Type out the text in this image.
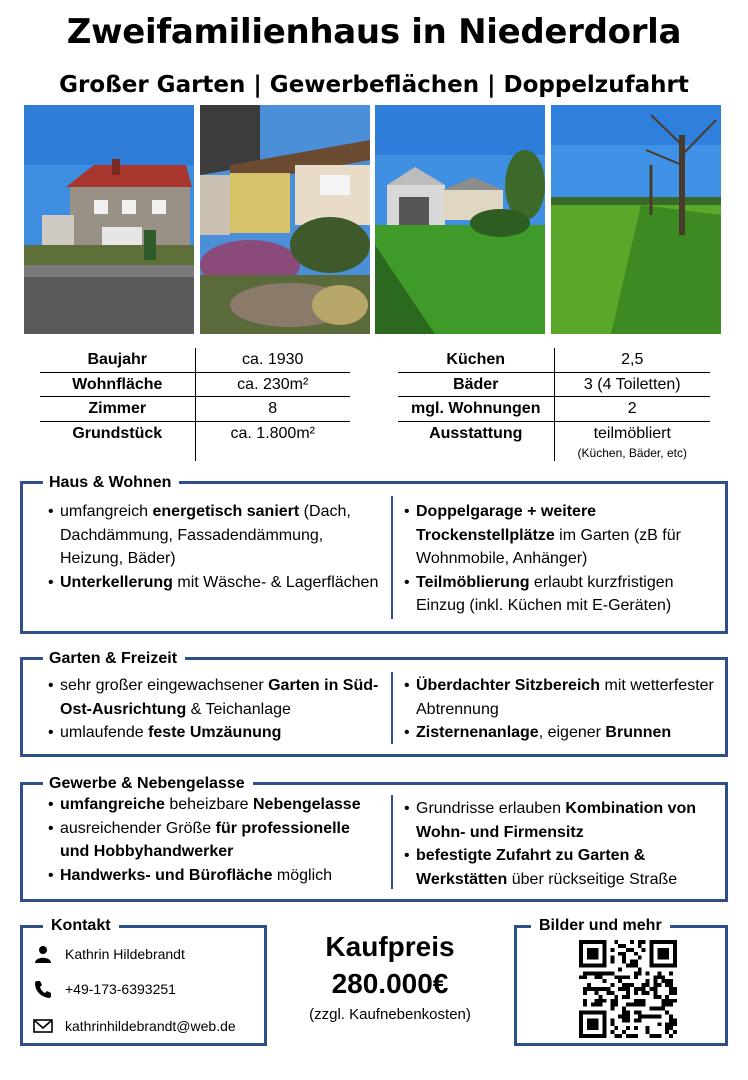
Zweifamilienhaus in Niederdorla
Großer Garten | Gewerbeflächen | Doppelzufahrt
Baujahr	ca. 1930
Wohnfläche	ca. 230m²
Zimmer	8
Grundstück	ca. 1.800m²
Küchen	2,5
Bäder	3 (4 Toiletten)
mgl. Wohnungen	2
Ausstattung	teilmöbliert
(Küchen, Bäder, etc)
Haus & Wohnen
• umfangreich energetisch saniert (Dach, Dachdämmung, Fassadendämmung, Heizung, Bäder)
• Unterkellerung mit Wäsche- & Lagerflächen
• Doppelgarage + weitere Trockenstellplätze im Garten (zB für Wohnmobile, Anhänger)
• Teilmöblierung erlaubt kurzfristigen Einzug (inkl. Küchen mit E-Geräten)
Garten & Freizeit
• sehr großer eingewachsener Garten in Süd-Ost-Ausrichtung & Teichanlage
• umlaufende feste Umzäunung
• Überdachter Sitzbereich mit wetterfester Abtrennung
• Zisternenanlage, eigener Brunnen
Gewerbe & Nebengelasse
• umfangreiche beheizbare Nebengelasse
• ausreichender Größe für professionelle und Hobbyhandwerker
• Handwerks- und Bürofläche möglich
• Grundrisse erlauben Kombination von Wohn- und Firmensitz
• befestigte Zufahrt zu Garten & Werkstätten über rückseitige Straße
Kontakt
Kathrin Hildebrandt
+49-173-6393251
kathrinhildebrandt@web.de
Kaufpreis
280.000€
(zzgl. Kaufnebenkosten)
Bilder und mehr
